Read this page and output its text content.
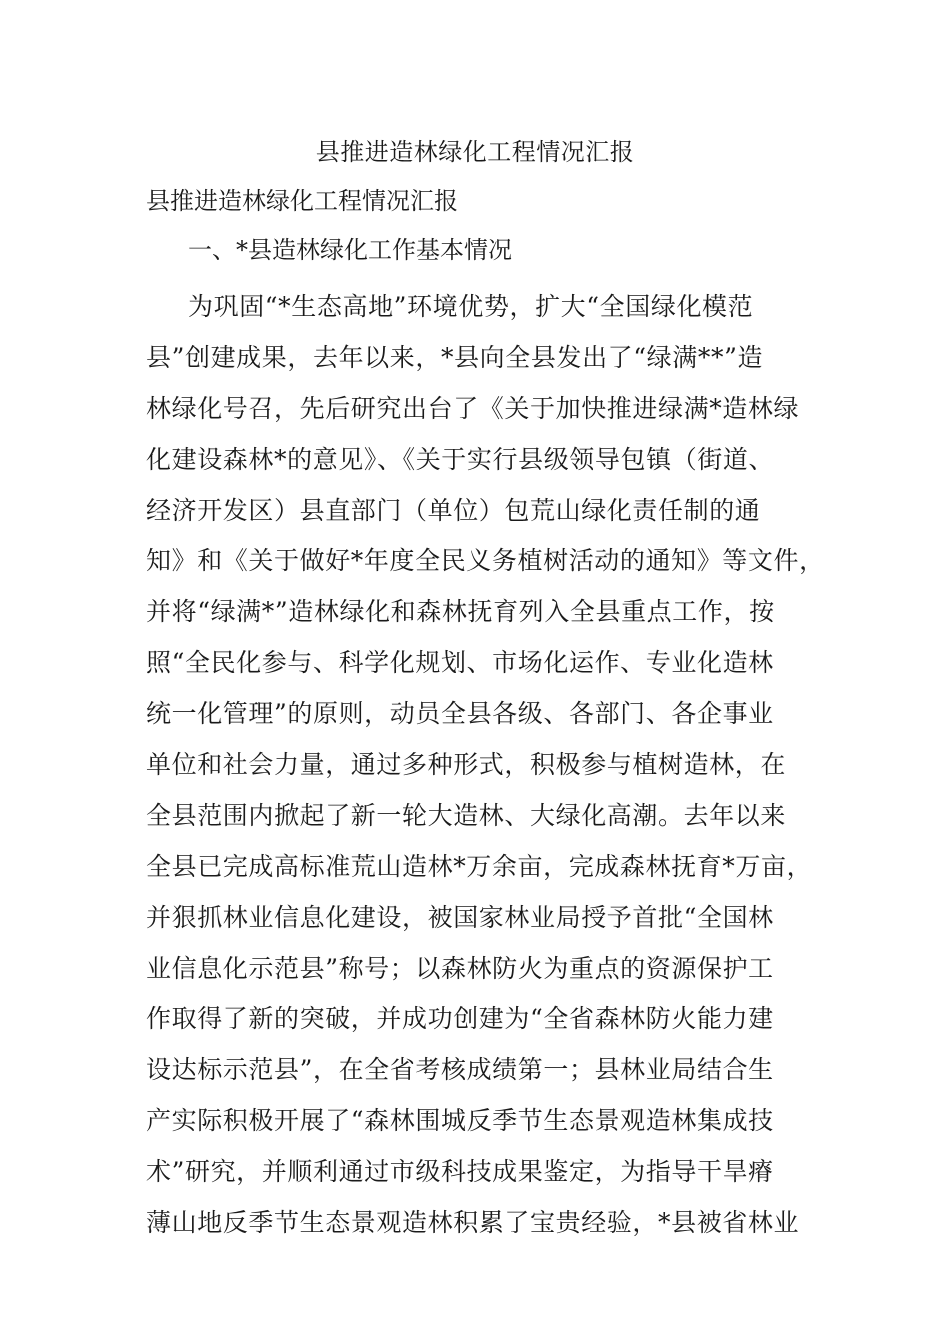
县推进造林绿化工程情况汇报

县推进造林绿化工程情况汇报

一、*县造林绿化工作基本情况

为巩固“*生态高地”环境优势，扩大“全国绿化模范
县”创建成果，去年以来，*县向全县发出了“绿满**”造
林绿化号召，先后研究出台了《关于加快推进绿满*造林绿
化建设森林*的意见》、《关于实行县级领导包镇（街道、
经济开发区）县直部门（单位）包荒山绿化责任制的通
知》和《关于做好*年度全民义务植树活动的通知》等文件，
并将“绿满*”造林绿化和森林抚育列入全县重点工作，按
照“全民化参与、科学化规划、市场化运作、专业化造林
统一化管理”的原则，动员全县各级、各部门、各企事业
单位和社会力量，通过多种形式，积极参与植树造林，在
全县范围内掀起了新一轮大造林、大绿化高潮。去年以来
全县已完成高标准荒山造林*万余亩，完成森林抚育*万亩，
并狠抓林业信息化建设，被国家林业局授予首批“全国林
业信息化示范县”称号；以森林防火为重点的资源保护工
作取得了新的突破，并成功创建为“全省森林防火能力建
设达标示范县”，在全省考核成绩第一；县林业局结合生
产实际积极开展了“森林围城反季节生态景观造林集成技
术”研究，并顺利通过市级科技成果鉴定，为指导干旱瘠
薄山地反季节生态景观造林积累了宝贵经验，*县被省林业
